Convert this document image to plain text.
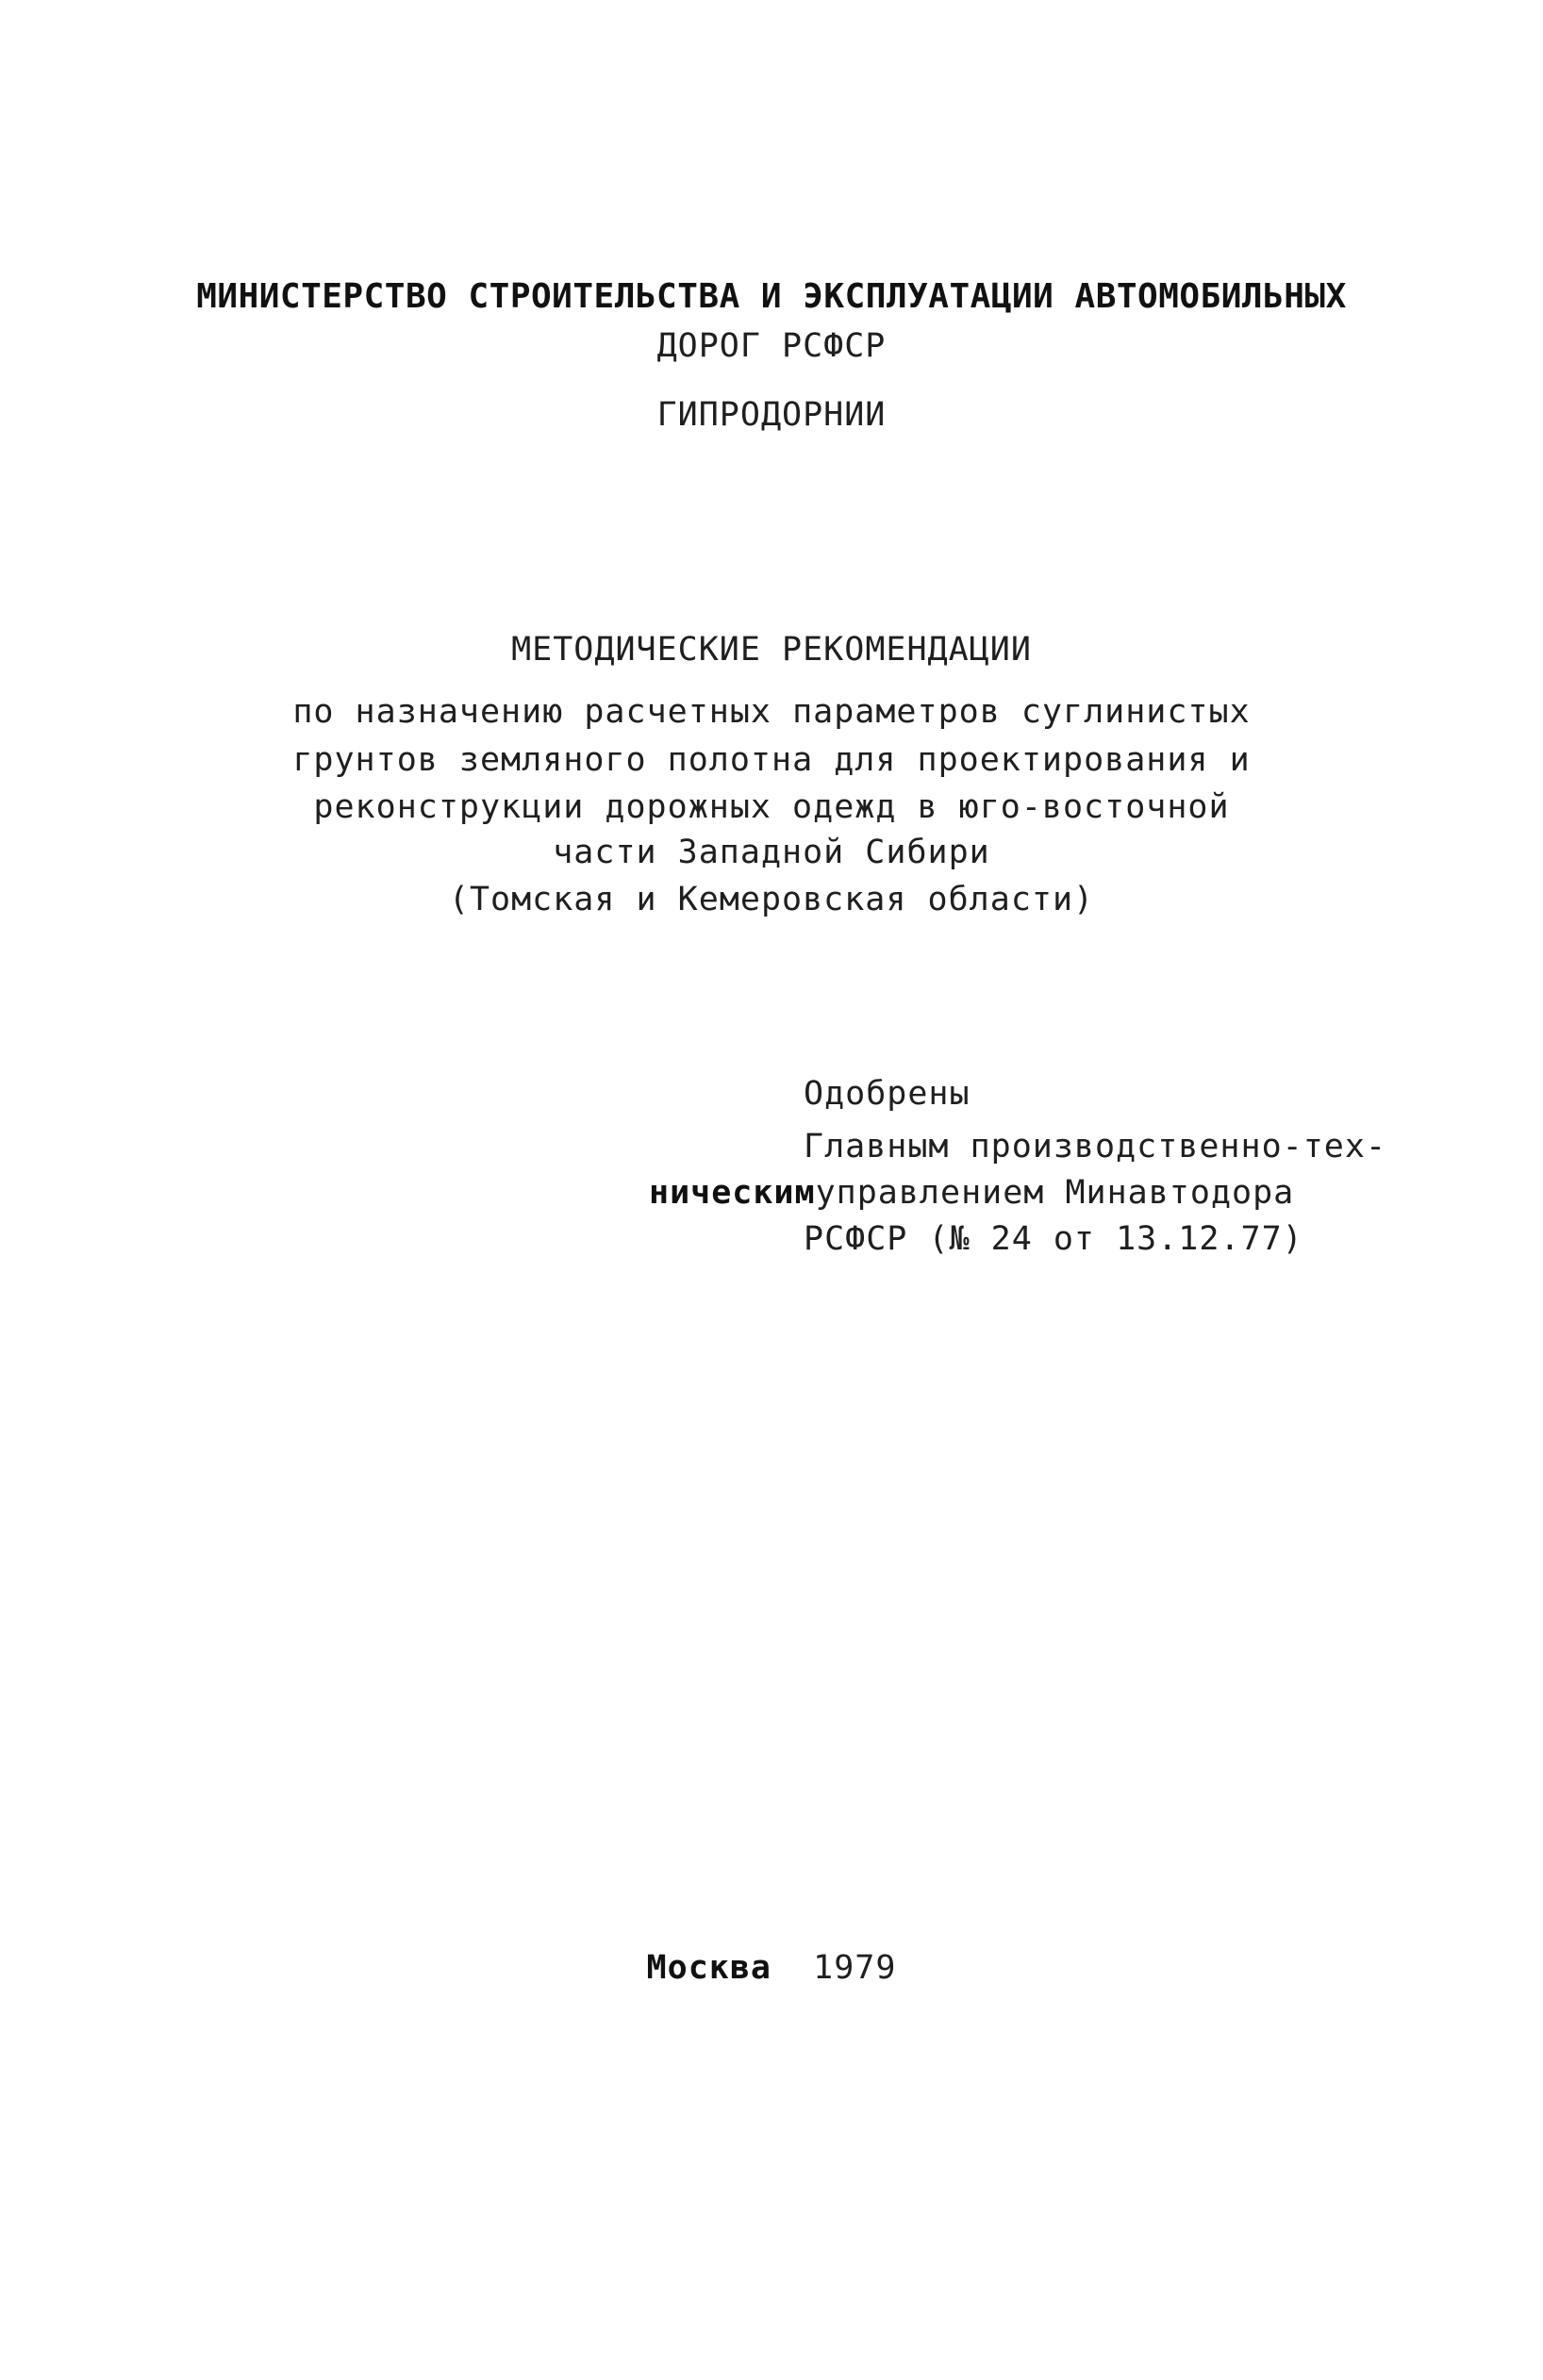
МИНИСТЕРСТВО СТРОИТЕЛЬСТВА И ЭКСПЛУАТАЦИИ АВТОМОБИЛЬНЫХ
ДОРОГ РСФСР
ГИПРОДОРНИИ
МЕТОДИЧЕСКИЕ РЕКОМЕНДАЦИИ
по назначению расчетных параметров суглинистых
грунтов земляного полотна для проектирования и
реконструкции дорожных одежд в юго-восточной
части Западной Сибири
(Томская и Кемеровская области)
Одобрены
Главным производственно-тех-
ническимуправлением Минавтодора
РСФСР (№ 24 от 13.12.77)
Москва 1979
